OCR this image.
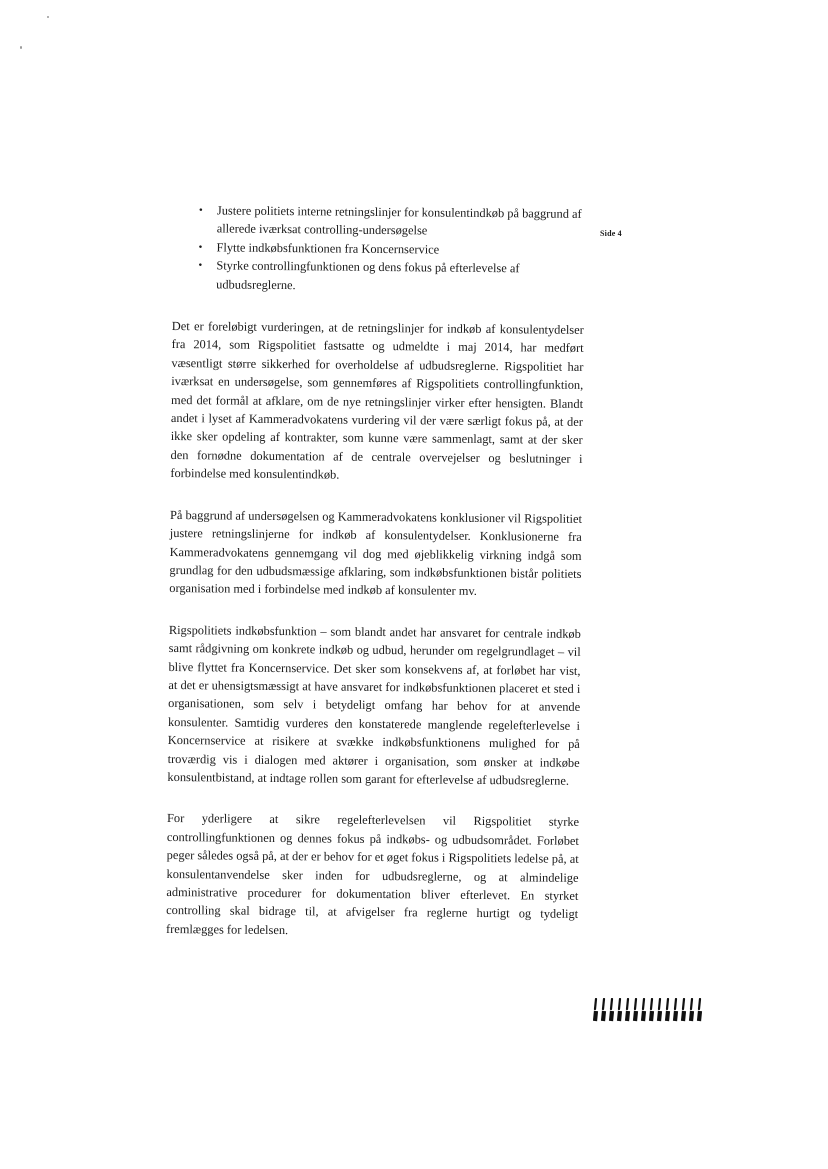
Side 4
• Justere politiets interne retningslinjer for konsulentindkøb på baggrund af allerede iværksat controlling-undersøgelse
• Flytte indkøbsfunktionen fra Koncernservice
• Styrke controllingfunktionen og dens fokus på efterlevelse af udbudsreglerne.

Det er foreløbigt vurderingen, at de retningslinjer for indkøb af konsulentydelser fra 2014, som Rigspolitiet fastsatte og udmeldte i maj 2014, har medført væsentligt større sikkerhed for overholdelse af udbudsreglerne. Rigspolitiet har iværksat en undersøgelse, som gennemføres af Rigspolitiets controllingfunktion, med det formål at afklare, om de nye retningslinjer virker efter hensigten. Blandt andet i lyset af Kammeradvokatens vurdering vil der være særligt fokus på, at der ikke sker opdeling af kontrakter, som kunne være sammenlagt, samt at der sker den fornødne dokumentation af de centrale overvejelser og beslutninger i forbindelse med konsulentindkøb.

På baggrund af undersøgelsen og Kammeradvokatens konklusioner vil Rigspolitiet justere retningslinjerne for indkøb af konsulentydelser. Konklusionerne fra Kammeradvokatens gennemgang vil dog med øjeblikkelig virkning indgå som grundlag for den udbudsmæssige afklaring, som indkøbsfunktionen bistår politiets organisation med i forbindelse med indkøb af konsulenter mv.

Rigspolitiets indkøbsfunktion – som blandt andet har ansvaret for centrale indkøb samt rådgivning om konkrete indkøb og udbud, herunder om regelgrundlaget – vil blive flyttet fra Koncernservice. Det sker som konsekvens af, at forløbet har vist, at det er uhensigtsmæssigt at have ansvaret for indkøbsfunktionen placeret et sted i organisationen, som selv i betydeligt omfang har behov for at anvende konsulenter. Samtidig vurderes den konstaterede manglende regelefterlevelse i Koncernservice at risikere at svække indkøbsfunktionens mulighed for på troværdig vis i dialogen med aktører i organisation, som ønsker at indkøbe konsulentbistand, at indtage rollen som garant for efterlevelse af udbudsreglerne.

For yderligere at sikre regelefterlevelsen vil Rigspolitiet styrke controllingfunktionen og dennes fokus på indkøbs- og udbudsområdet. Forløbet peger således også på, at der er behov for et øget fokus i Rigspolitiets ledelse på, at konsulentanvendelse sker inden for udbudsreglerne, og at almindelige administrative procedurer for dokumentation bliver efterlevet. En styrket controlling skal bidrage til, at afvigelser fra reglerne hurtigt og tydeligt fremlægges for ledelsen.
